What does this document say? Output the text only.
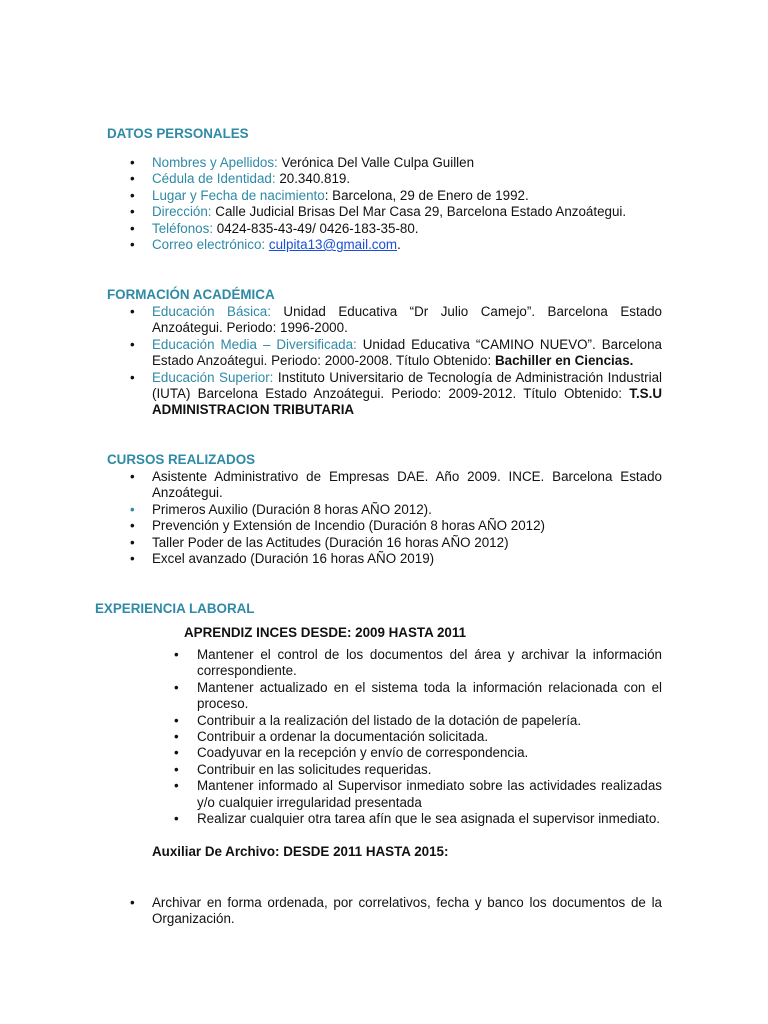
DATOS PERSONALES
• Nombres y Apellidos: Verónica Del Valle Culpa Guillen
• Cédula de Identidad: 20.340.819.
• Lugar y Fecha de nacimiento: Barcelona, 29 de Enero de 1992.
• Dirección: Calle Judicial Brisas Del Mar Casa 29, Barcelona Estado Anzoátegui.
• Teléfonos: 0424-835-43-49/ 0426-183-35-80.
• Correo electrónico: culpita13@gmail.com.
FORMACIÓN ACADÉMICA
• Educación Básica: Unidad Educativa “Dr Julio Camejo”. Barcelona Estado Anzoátegui. Periodo: 1996-2000.
• Educación Media – Diversificada: Unidad Educativa “CAMINO NUEVO”. Barcelona Estado Anzoátegui. Periodo: 2000-2008. Título Obtenido: Bachiller en Ciencias.
• Educación Superior: Instituto Universitario de Tecnología de Administración Industrial (IUTA) Barcelona Estado Anzoátegui. Periodo: 2009-2012. Título Obtenido: T.S.U ADMINISTRACION TRIBUTARIA
CURSOS REALIZADOS
• Asistente Administrativo de Empresas DAE. Año 2009. INCE. Barcelona Estado Anzoátegui.
• Primeros Auxilio (Duración 8 horas AÑO 2012).
• Prevención y Extensión de Incendio (Duración 8 horas AÑO 2012)
• Taller Poder de las Actitudes (Duración 16 horas AÑO 2012)
• Excel avanzado (Duración 16 horas AÑO 2019)
EXPERIENCIA LABORAL

APRENDIZ INCES DESDE: 2009 HASTA 2011

• Mantener el control de los documentos del área y archivar la información correspondiente.
• Mantener actualizado en el sistema toda la información relacionada con el proceso.
• Contribuir a la realización del listado de la dotación de papelería.
• Contribuir a ordenar la documentación solicitada.
• Coadyuvar en la recepción y envío de correspondencia.
• Contribuir en las solicitudes requeridas.
• Mantener informado al Supervisor inmediato sobre las actividades realizadas y/o cualquier irregularidad presentada
• Realizar cualquier otra tarea afín que le sea asignada el supervisor inmediato.

Auxiliar De Archivo: DESDE 2011 HASTA 2015:

• Archivar en forma ordenada, por correlativos, fecha y banco los documentos de la Organización.
